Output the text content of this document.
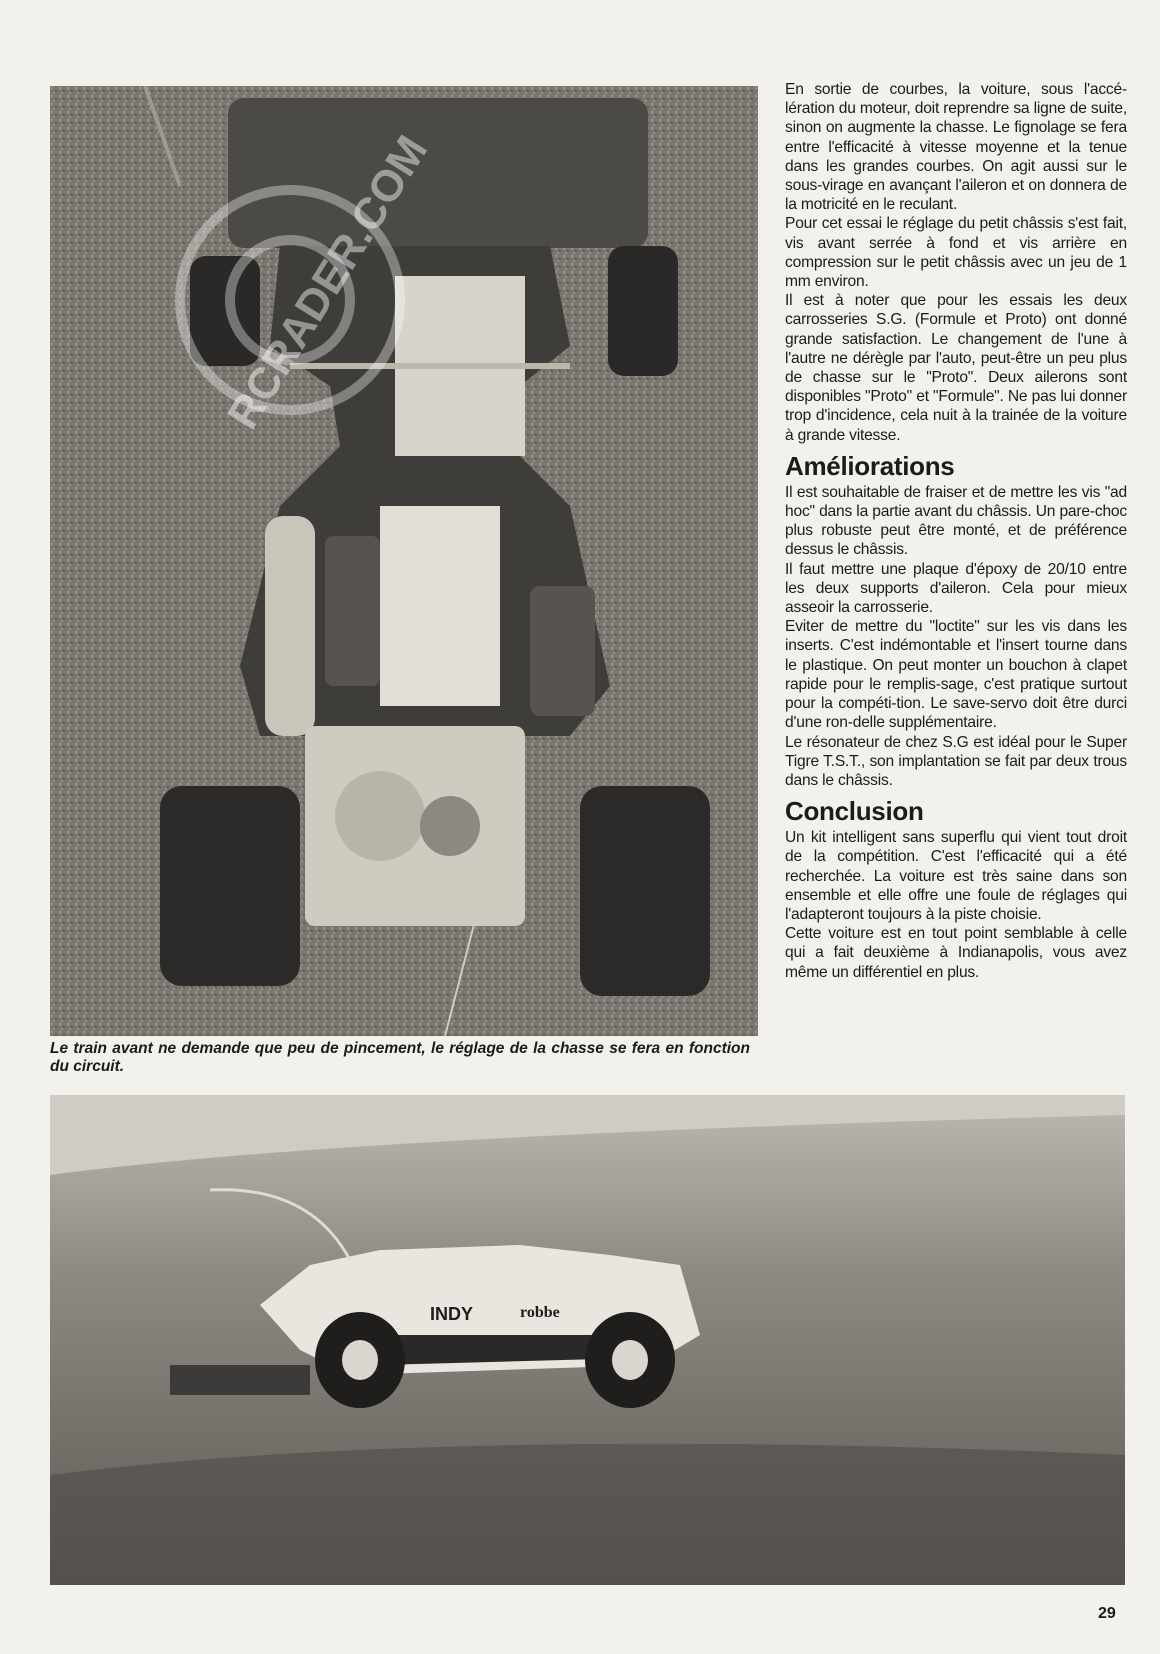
RCRADER.COM
Le train avant ne demande que peu de pincement, le réglage de la chasse se fera en fonction du circuit.

En sortie de courbes, la voiture, sous l'accé-lération du moteur, doit reprendre sa ligne de suite, sinon on augmente la chasse. Le fignolage se fera entre l'efficacité à vitesse moyenne et la tenue dans les grandes courbes. On agit aussi sur le sous-virage en avançant l'aileron et on donnera de la motricité en le reculant.

Pour cet essai le réglage du petit châssis s'est fait, vis avant serrée à fond et vis arrière en compression sur le petit châssis avec un jeu de 1 mm environ.

Il est à noter que pour les essais les deux carrosseries S.G. (Formule et Proto) ont donné grande satisfaction. Le changement de l'une à l'autre ne dérègle par l'auto, peut-être un peu plus de chasse sur le "Proto". Deux ailerons sont disponibles "Proto" et "Formule". Ne pas lui donner trop d'incidence, cela nuit à la trainée de la voiture à grande vitesse.

Améliorations

Il est souhaitable de fraiser et de mettre les vis "ad hoc" dans la partie avant du châssis. Un pare-choc plus robuste peut être monté, et de préférence dessus le châssis.

Il faut mettre une plaque d'époxy de 20/10 entre les deux supports d'aileron. Cela pour mieux asseoir la carrosserie.

Eviter de mettre du "loctite" sur les vis dans les inserts. C'est indémontable et l'insert tourne dans le plastique. On peut monter un bouchon à clapet rapide pour le remplis-sage, c'est pratique surtout pour la compéti-tion. Le save-servo doit être durci d'une ron-delle supplémentaire.

Le résonateur de chez S.G est idéal pour le Super Tigre T.S.T., son implantation se fait par deux trous dans le châssis.

Conclusion

Un kit intelligent sans superflu qui vient tout droit de la compétition. C'est l'efficacité qui a été recherchée. La voiture est très saine dans son ensemble et elle offre une foule de réglages qui l'adapteront toujours à la piste choisie.

Cette voiture est en tout point semblable à celle qui a fait deuxième à Indianapolis, vous avez même un différentiel en plus.

INDY	robbe
29
